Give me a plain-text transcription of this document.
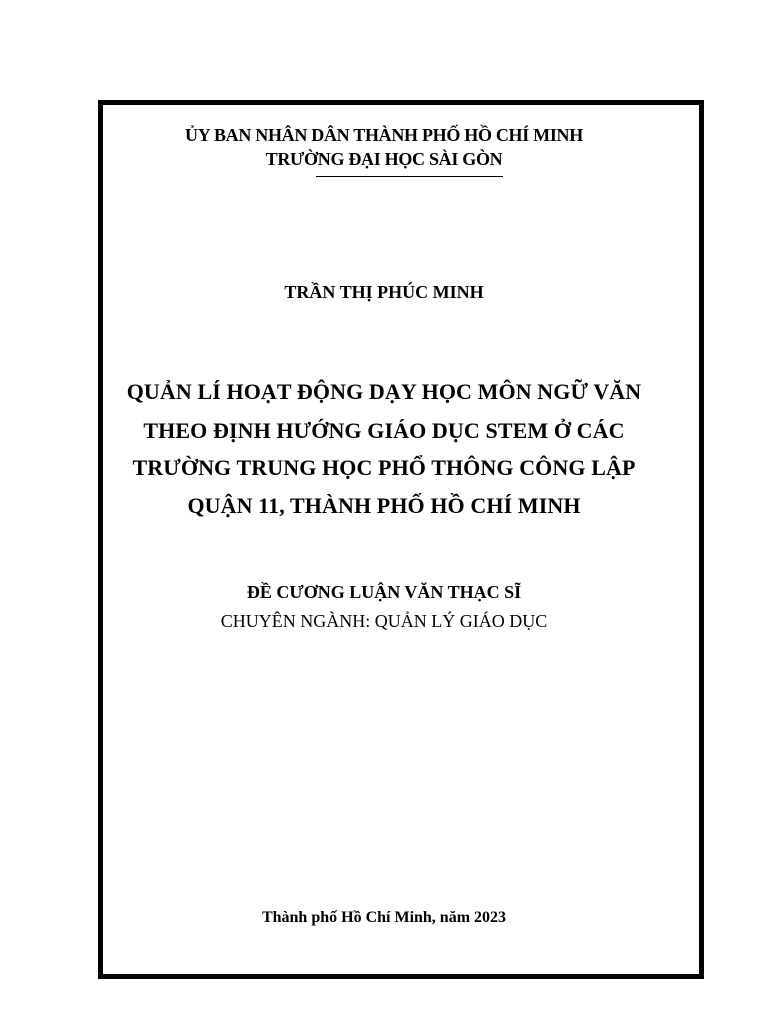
ỦY BAN NHÂN DÂN THÀNH PHỐ HỒ CHÍ MINH
TRƯỜNG ĐẠI HỌC SÀI GÒN
TRẦN THỊ PHÚC MINH
QUẢN LÍ HOẠT ĐỘNG DẠY HỌC MÔN NGỮ VĂN
THEO ĐỊNH HƯỚNG GIÁO DỤC STEM Ở CÁC
TRƯỜNG TRUNG HỌC PHỔ THÔNG CÔNG LẬP
QUẬN 11, THÀNH PHỐ HỒ CHÍ MINH
ĐỀ CƯƠNG LUẬN VĂN THẠC SĨ
CHUYÊN NGÀNH: QUẢN LÝ GIÁO DỤC
Thành phố Hồ Chí Minh, năm 2023
